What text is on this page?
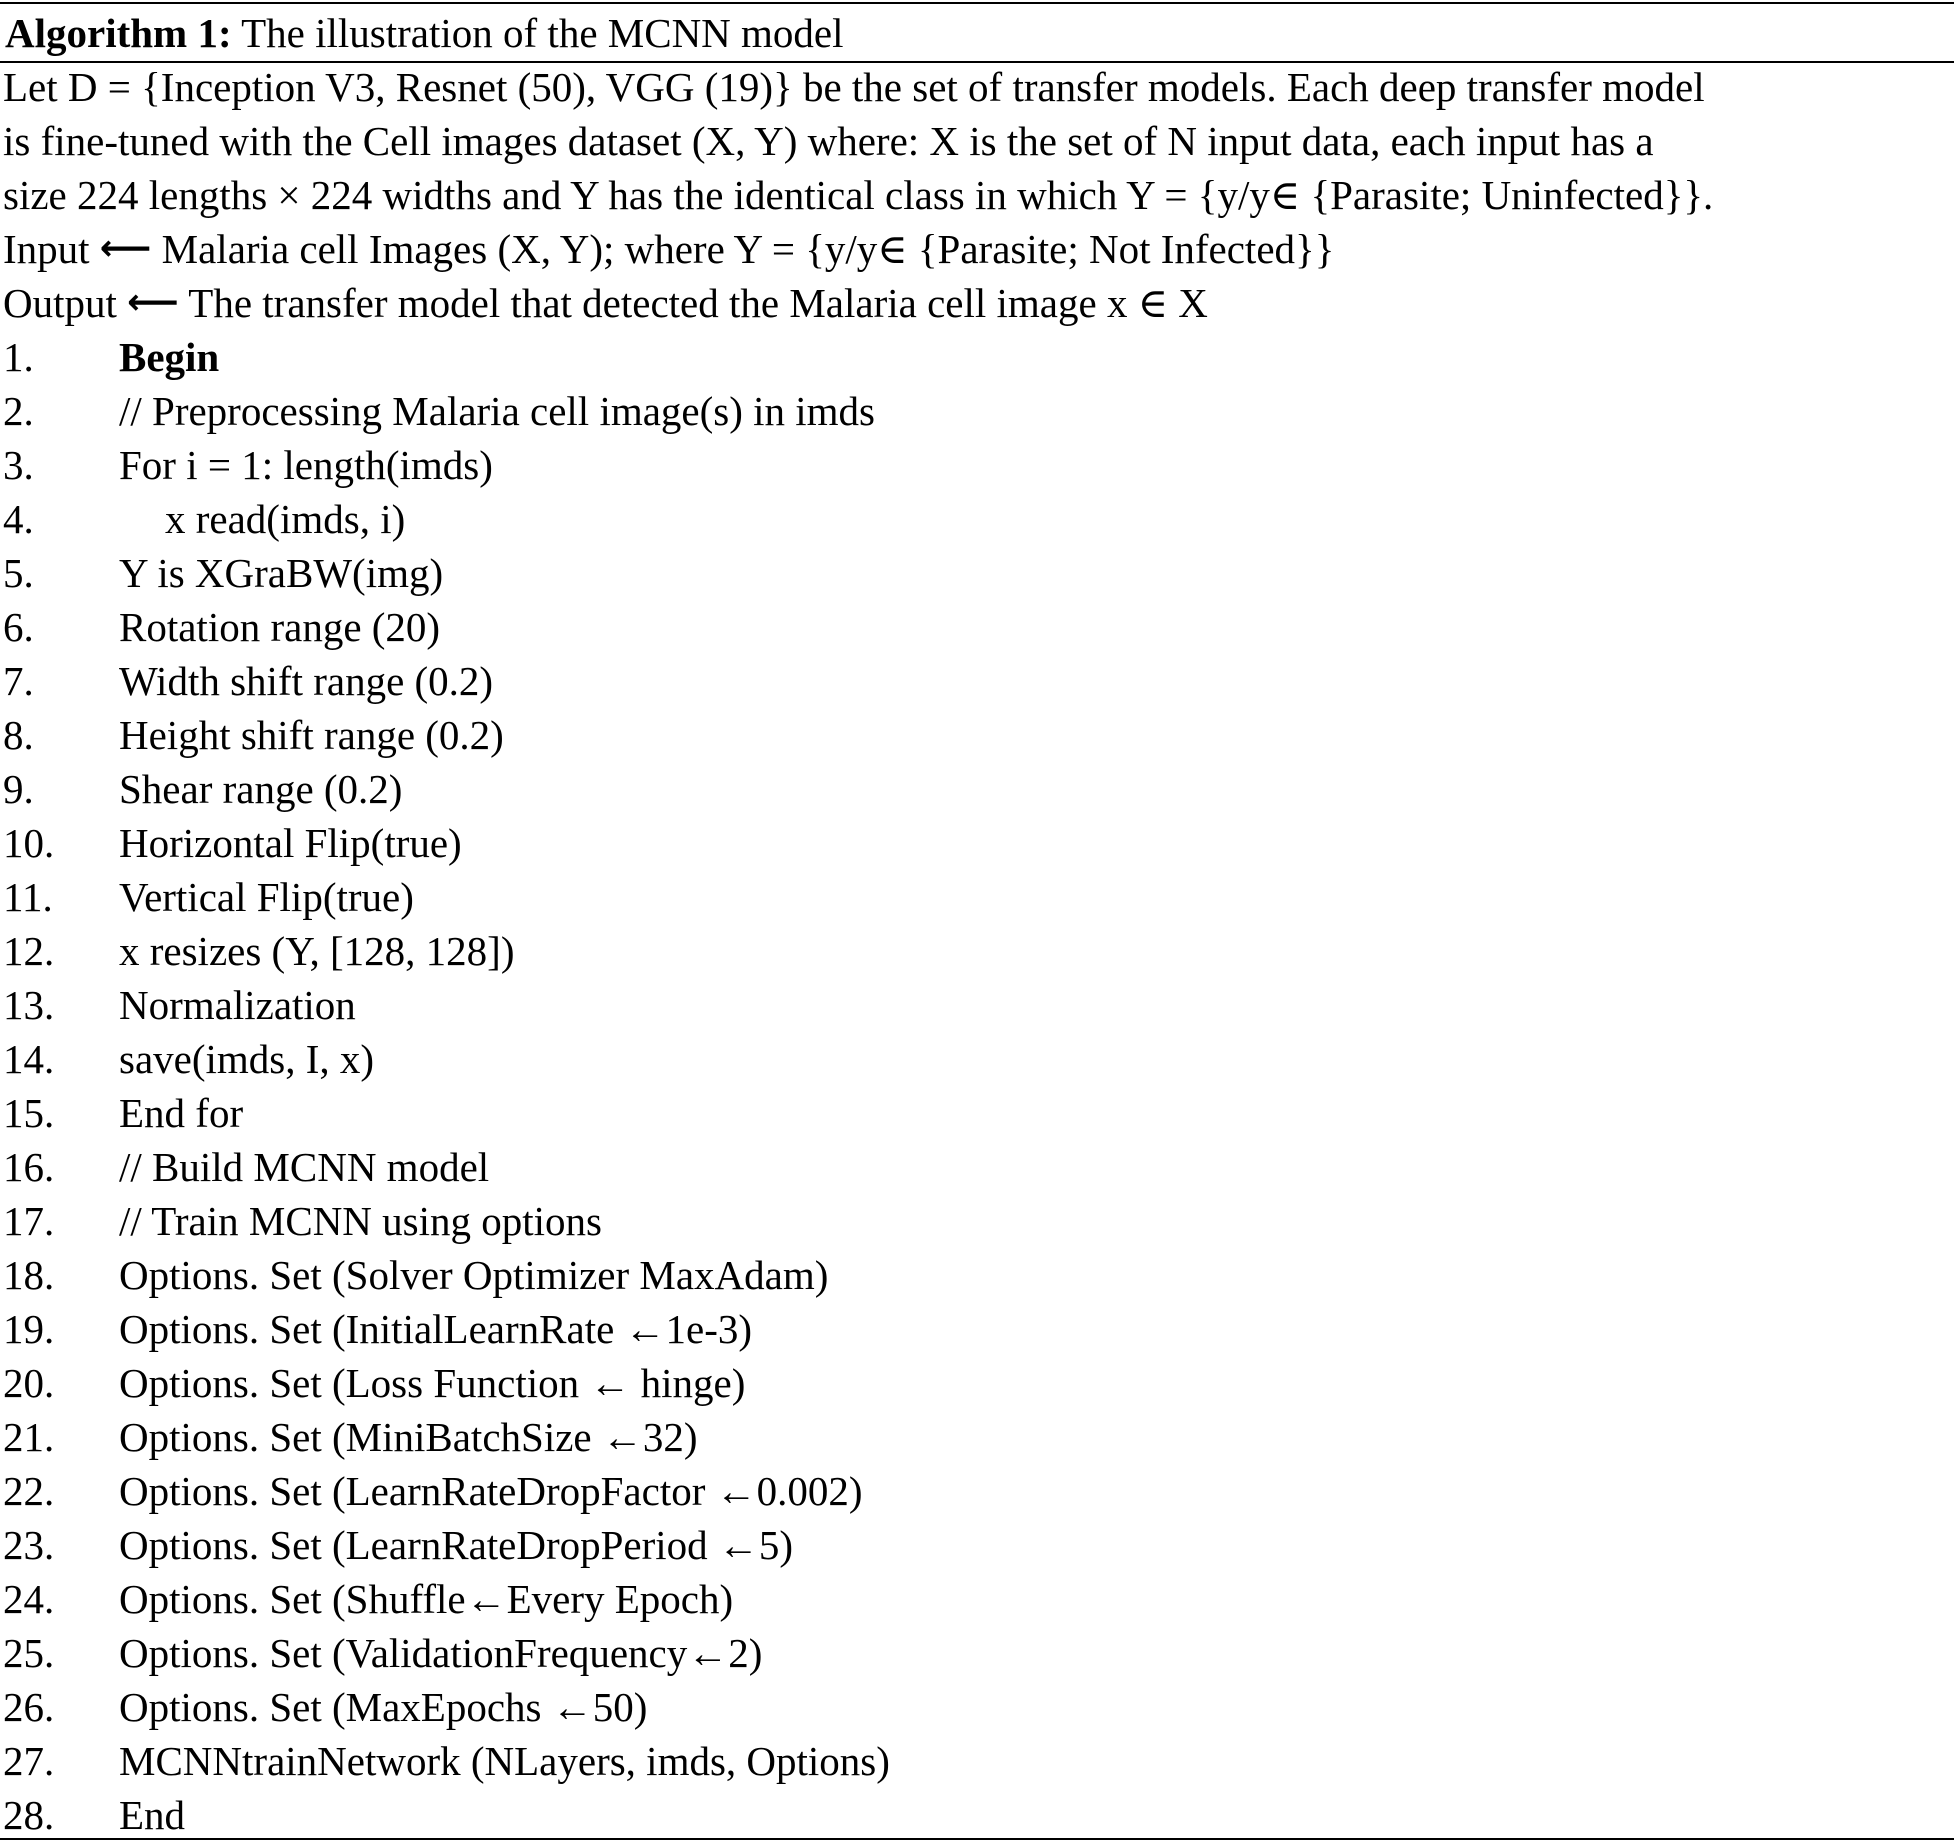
Algorithm 1: The illustration of the MCNN model
Let D = {Inception V3, Resnet (50), VGG (19)} be the set of transfer models. Each deep transfer model
is fine-tuned with the Cell images dataset (X, Y) where: X is the set of N input data, each input has a
size 224 lengths × 224 widths and Y has the identical class in which Y = {y/y∈ {Parasite; Uninfected}}.
Input ⟵ Malaria cell Images (X, Y); where Y = {y/y∈ {Parasite; Not Infected}}
Output ⟵ The transfer model that detected the Malaria cell image x ∈ X
1. Begin
2. // Preprocessing Malaria cell image(s) in imds
3. For i = 1: length(imds)
4.	x read(imds, i)
5. Y is XGraBW(img)
6. Rotation range (20)
7. Width shift range (0.2)
8. Height shift range (0.2)
9. Shear range (0.2)
10. Horizontal Flip(true)
11. Vertical Flip(true)
12. x resizes (Y, [128, 128])
13. Normalization
14. save(imds, I, x)
15. End for
16. // Build MCNN model
17. // Train MCNN using options
18. Options. Set (Solver Optimizer MaxAdam)
19. Options. Set (InitialLearnRate ←1e-3)
20. Options. Set (Loss Function ← hinge)
21. Options. Set (MiniBatchSize ←32)
22. Options. Set (LearnRateDropFactor ←0.002)
23. Options. Set (LearnRateDropPeriod ←5)
24. Options. Set (Shuffle←Every Epoch)
25. Options. Set (ValidationFrequency←2)
26. Options. Set (MaxEpochs ←50)
27. MCNNtrainNetwork (NLayers, imds, Options)
28. End
